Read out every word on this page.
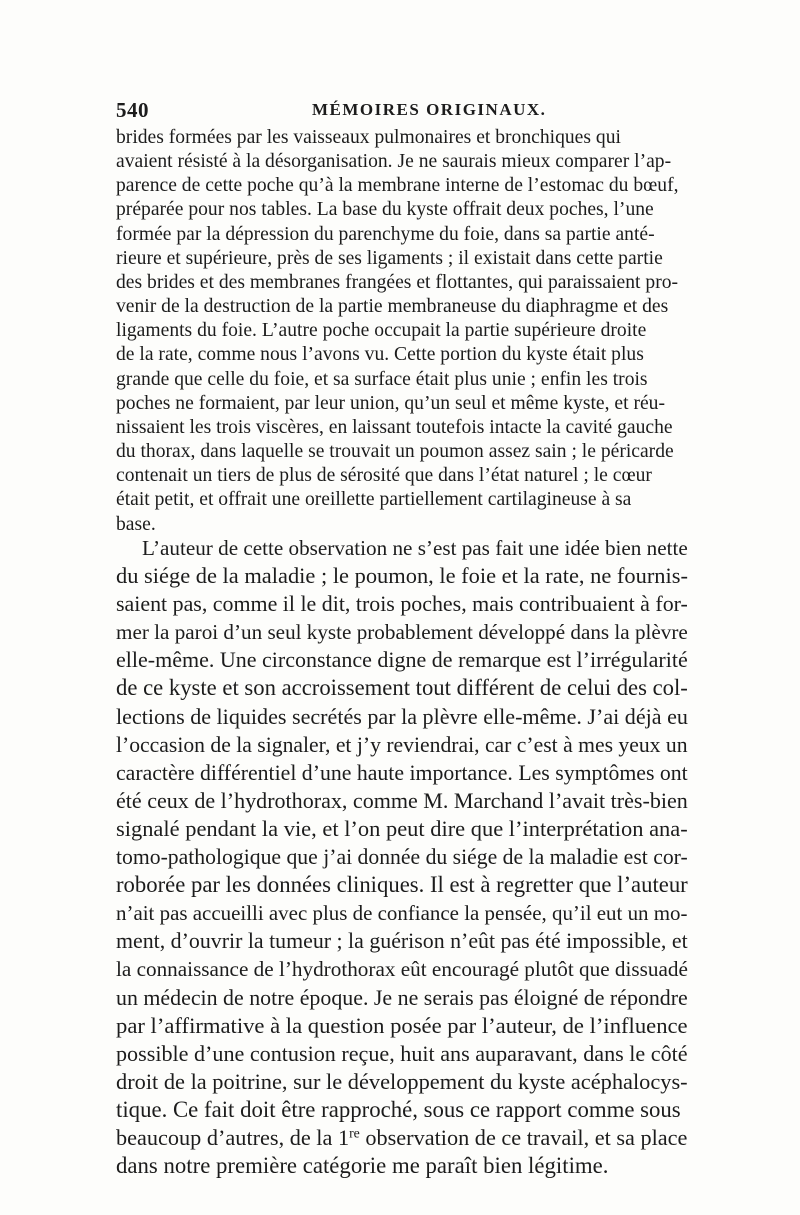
540	MÉMOIRES ORIGINAUX.
brides formées par les vaisseaux pulmonaires et bronchiques qui
avaient résisté à la désorganisation. Je ne saurais mieux comparer l’ap-
parence de cette poche qu’à la membrane interne de l’estomac du bœuf,
préparée pour nos tables. La base du kyste offrait deux poches, l’une
formée par la dépression du parenchyme du foie, dans sa partie anté-
rieure et supérieure, près de ses ligaments ; il existait dans cette partie
des brides et des membranes frangées et flottantes, qui paraissaient pro-
venir de la destruction de la partie membraneuse du diaphragme et des
ligaments du foie. L’autre poche occupait la partie supérieure droite
de la rate, comme nous l’avons vu. Cette portion du kyste était plus
grande que celle du foie, et sa surface était plus unie ; enfin les trois
poches ne formaient, par leur union, qu’un seul et même kyste, et réu-
nissaient les trois viscères, en laissant toutefois intacte la cavité gauche
du thorax, dans laquelle se trouvait un poumon assez sain ; le péricarde
contenait un tiers de plus de sérosité que dans l’état naturel ; le cœur
était petit, et offrait une oreillette partiellement cartilagineuse à sa
base.
L’auteur de cette observation ne s’est pas fait une idée bien nette
du siége de la maladie ; le poumon, le foie et la rate, ne fournis-
saient pas, comme il le dit, trois poches, mais contribuaient à for-
mer la paroi d’un seul kyste probablement développé dans la plèvre
elle-même. Une circonstance digne de remarque est l’irrégularité
de ce kyste et son accroissement tout différent de celui des col-
lections de liquides secrétés par la plèvre elle-même. J’ai déjà eu
l’occasion de la signaler, et j’y reviendrai, car c’est à mes yeux un
caractère différentiel d’une haute importance. Les symptômes ont
été ceux de l’hydrothorax, comme M. Marchand l’avait très-bien
signalé pendant la vie, et l’on peut dire que l’interprétation ana-
tomo-pathologique que j’ai donnée du siége de la maladie est cor-
roborée par les données cliniques. Il est à regretter que l’auteur
n’ait pas accueilli avec plus de confiance la pensée, qu’il eut un mo-
ment, d’ouvrir la tumeur ; la guérison n’eût pas été impossible, et
la connaissance de l’hydrothorax eût encouragé plutôt que dissuadé
un médecin de notre époque. Je ne serais pas éloigné de répondre
par l’affirmative à la question posée par l’auteur, de l’influence
possible d’une contusion reçue, huit ans auparavant, dans le côté
droit de la poitrine, sur le développement du kyste acéphalocys-
tique. Ce fait doit être rapproché, sous ce rapport comme sous
beaucoup d’autres, de la 1re observation de ce travail, et sa place
dans notre première catégorie me paraît bien légitime.
